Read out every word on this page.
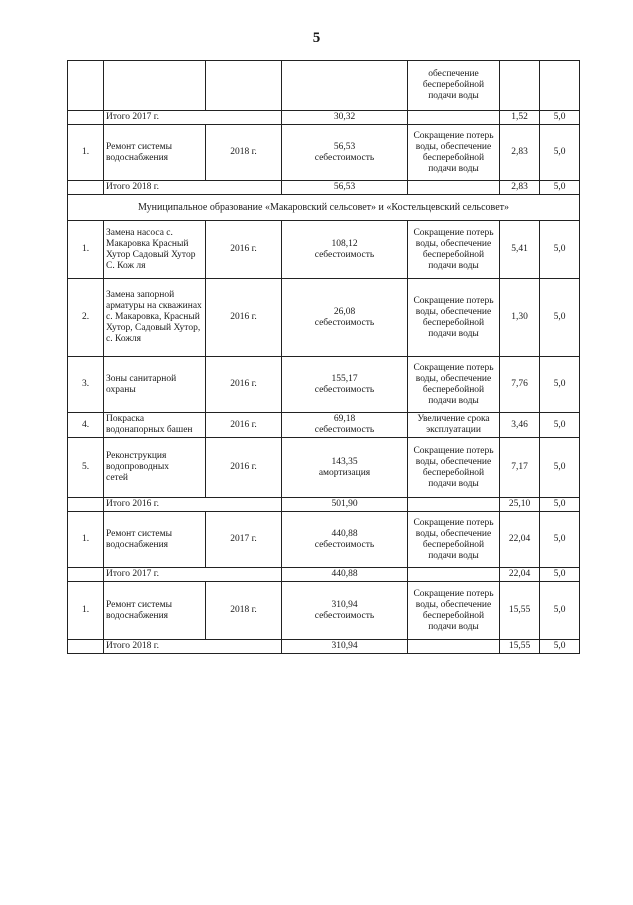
5

				обеспечение
бесперебойной
подачи воды		

	Итого 2017 г.		30,32		1,52	5,0
1.	Ремонт системы
водоснабжения	2018 г.	56,53
себестоимость	Сокращение потерь
воды, обеспечение
бесперебойной
подачи воды	2,83	5,0
	Итого 2018 г.		56,53		2,83	5,0
Муниципальное образование «Макаровский сельсовет» и «Костельцевский сельсовет»						
1.	Замена насоса с.
Макаровка Красный
Хутор Садовый Хутор
С. Кож ля	2016 г.	108,12
себестоимость	Сокращение потерь
воды, обеспечение
бесперебойной
подачи воды	5,41	5,0
2.	Замена запорной
арматуры на скважинах
с. Макаровка, Красный
Хутор, Садовый Хутор,
с. Кожля	2016 г.	26,08
себестоимость	Сокращение потерь
воды, обеспечение
бесперебойной
подачи воды	1,30	5,0
3.	Зоны санитарной
охраны	2016 г.	155,17
себестоимость	Сокращение потерь
воды, обеспечение
бесперебойной
подачи воды	7,76	5,0
4.	Покраска
водонапорных башен	2016 г.	69,18
себестоимость	Увеличение срока
эксплуатации	3,46	5,0
5.	Реконструкция
водопроводных
сетей	2016 г.	143,35
амортизация	Сокращение потерь
воды, обеспечение
бесперебойной
подачи воды	7,17	5,0
	Итого 2016 г.		501,90		25,10	5,0
1.	Ремонт системы
водоснабжения	2017 г.	440,88
себестоимость	Сокращение потерь
воды, обеспечение
бесперебойной
подачи воды	22,04	5,0
	Итого 2017 г.		440,88		22,04	5,0
1.	Ремонт системы
водоснабжения	2018 г.	310,94
себестоимость	Сокращение потерь
воды, обеспечение
бесперебойной
подачи воды	15,55	5,0
	Итого 2018 г.		310,94		15,55	5,0
